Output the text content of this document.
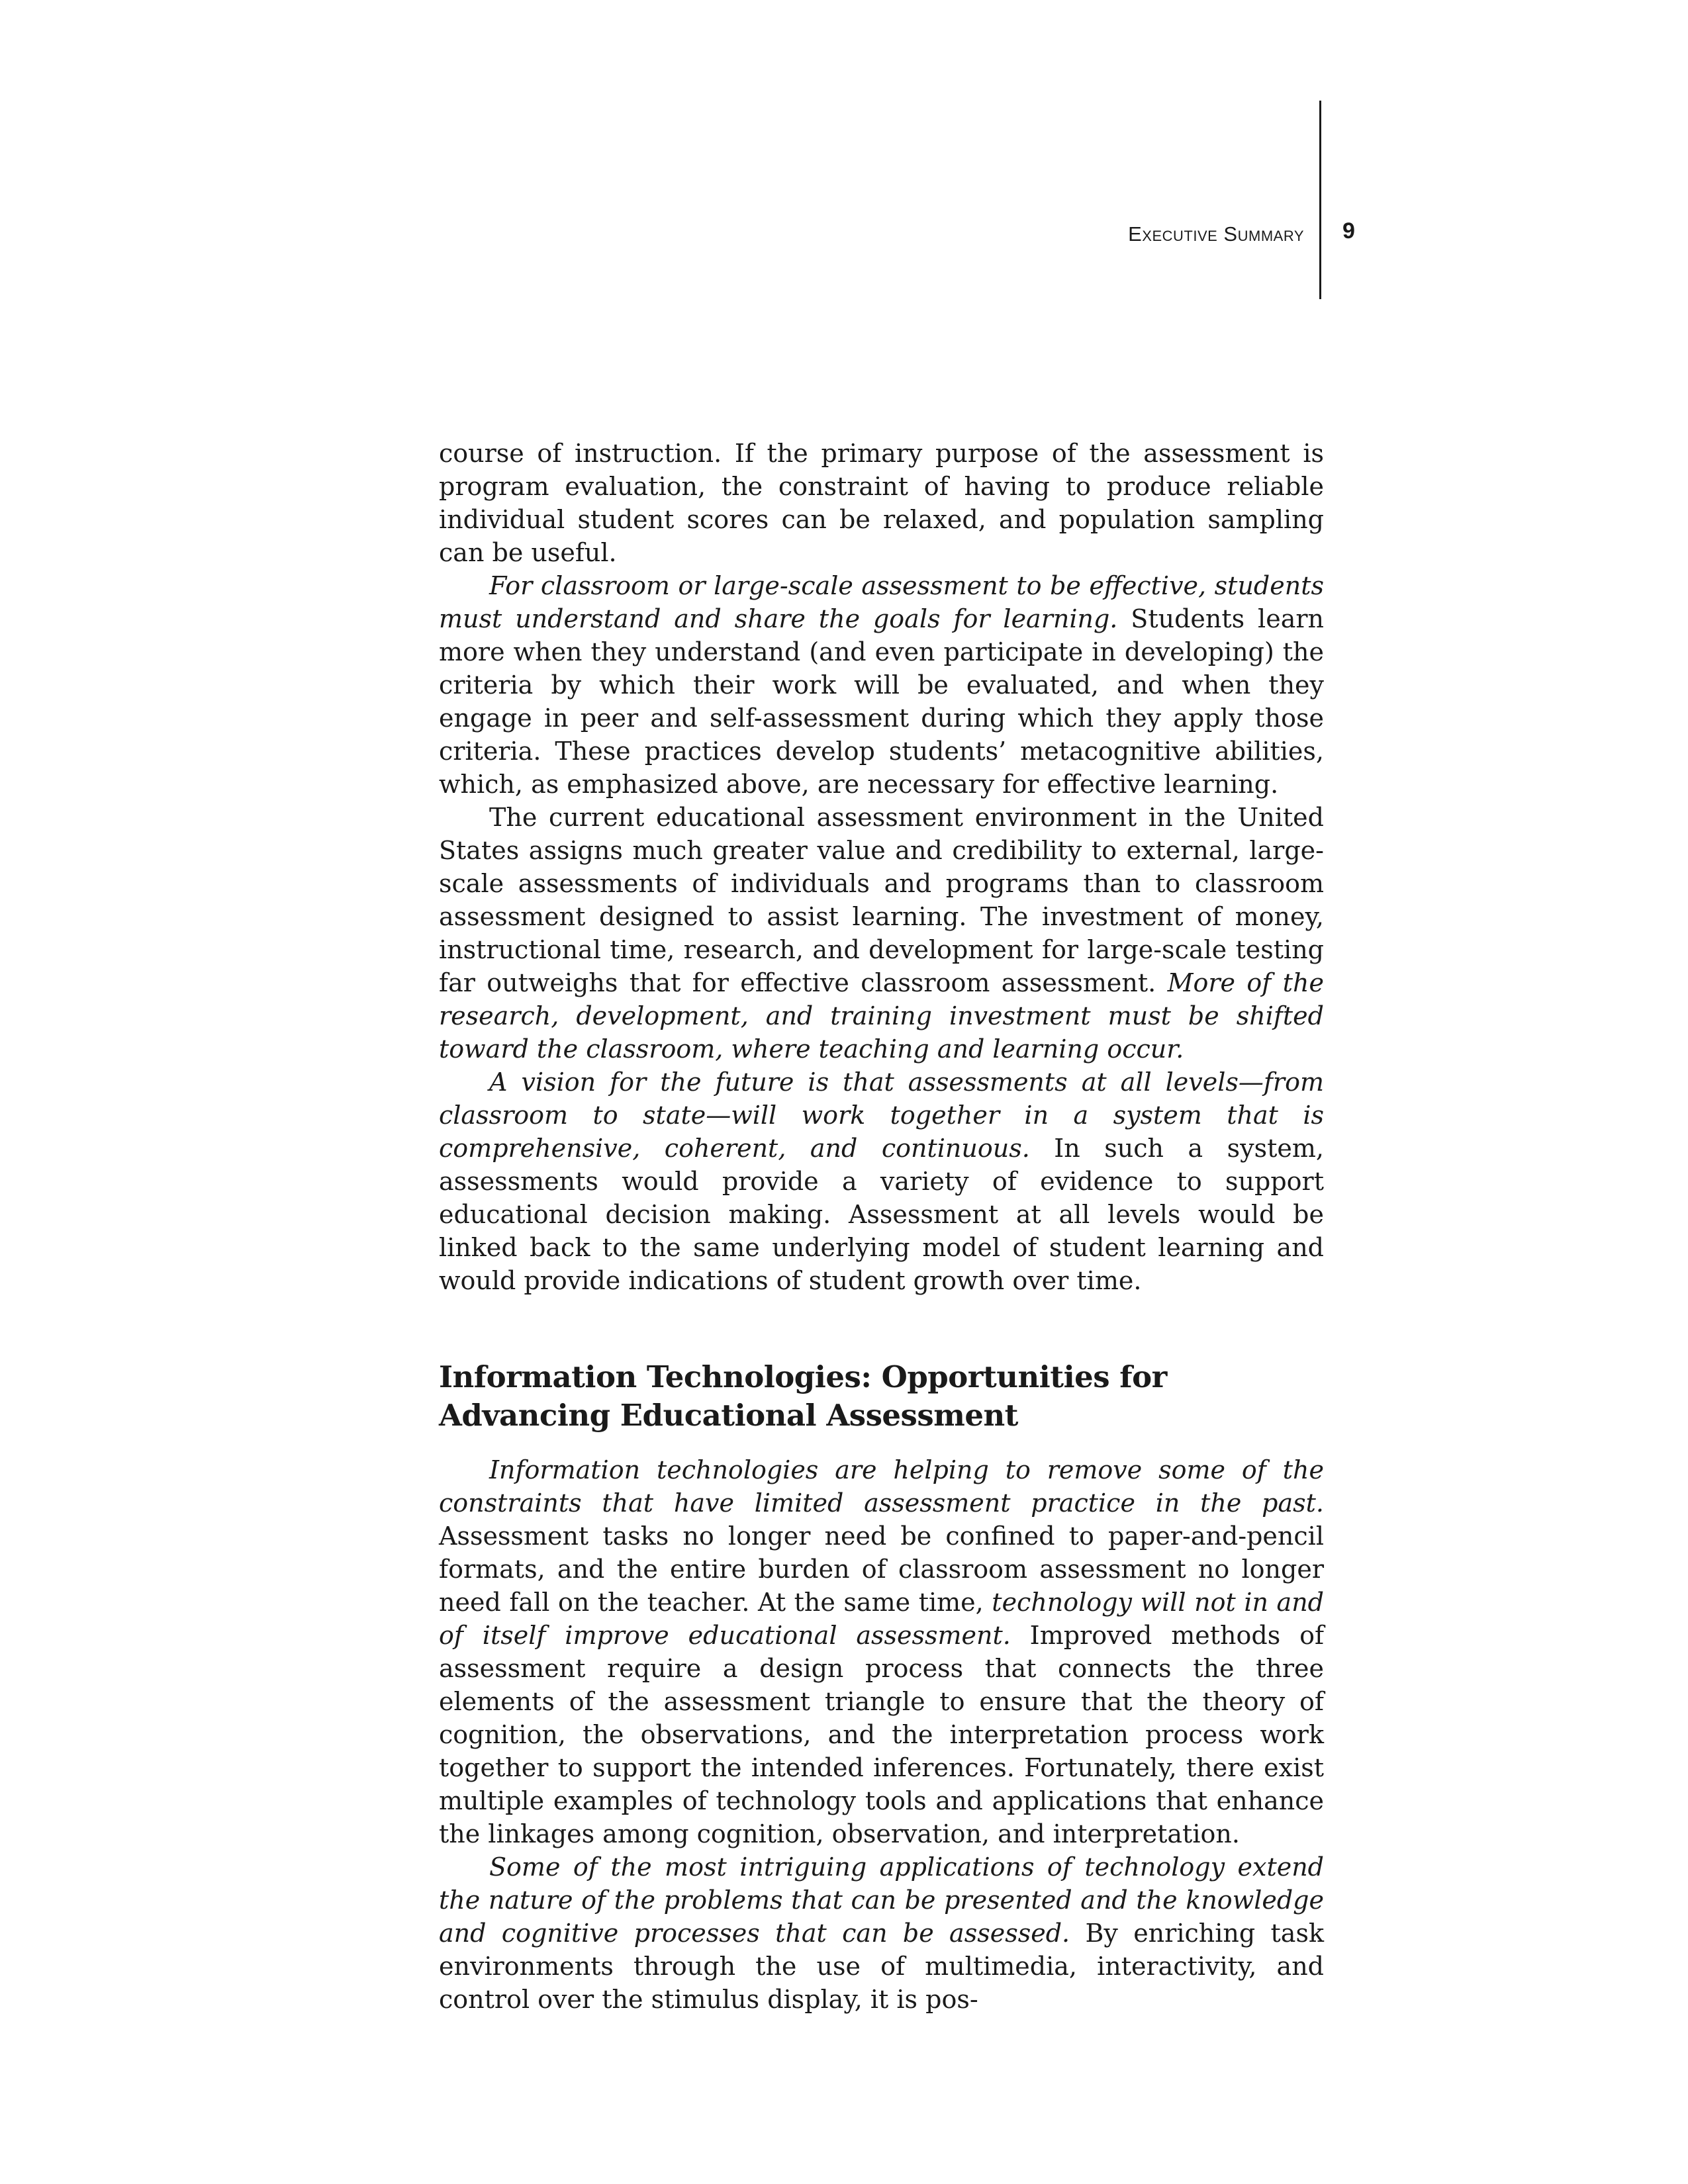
Executive Summary 9

course of instruction. If the primary purpose of the assessment is program evaluation, the constraint of having to produce reliable individual student scores can be relaxed, and population sampling can be useful.

For classroom or large-scale assessment to be effective, students must understand and share the goals for learning. Students learn more when they understand (and even participate in developing) the criteria by which their work will be evaluated, and when they engage in peer and self-assessment during which they apply those criteria. These practices develop students’ metacognitive abilities, which, as emphasized above, are necessary for effective learning.

The current educational assessment environment in the United States assigns much greater value and credibility to external, large-scale assessments of individuals and programs than to classroom assessment designed to assist learning. The investment of money, instructional time, research, and development for large-scale testing far outweighs that for effective classroom assessment. More of the research, development, and training investment must be shifted toward the classroom, where teaching and learning occur.

A vision for the future is that assessments at all levels—from classroom to state—will work together in a system that is comprehensive, coherent, and continuous. In such a system, assessments would provide a variety of evidence to support educational decision making. Assessment at all levels would be linked back to the same underlying model of student learning and would provide indications of student growth over time.

Information Technologies: Opportunities for
Advancing Educational Assessment

Information technologies are helping to remove some of the constraints that have limited assessment practice in the past. Assessment tasks no longer need be confined to paper-and-pencil formats, and the entire burden of classroom assessment no longer need fall on the teacher. At the same time, technology will not in and of itself improve educational assessment. Improved methods of assessment require a design process that connects the three elements of the assessment triangle to ensure that the theory of cognition, the observations, and the interpretation process work together to support the intended inferences. Fortunately, there exist multiple examples of technology tools and applications that enhance the linkages among cognition, observation, and interpretation.

Some of the most intriguing applications of technology extend the nature of the problems that can be presented and the knowledge and cognitive processes that can be assessed. By enriching task environments through the use of multimedia, interactivity, and control over the stimulus display, it is pos-
